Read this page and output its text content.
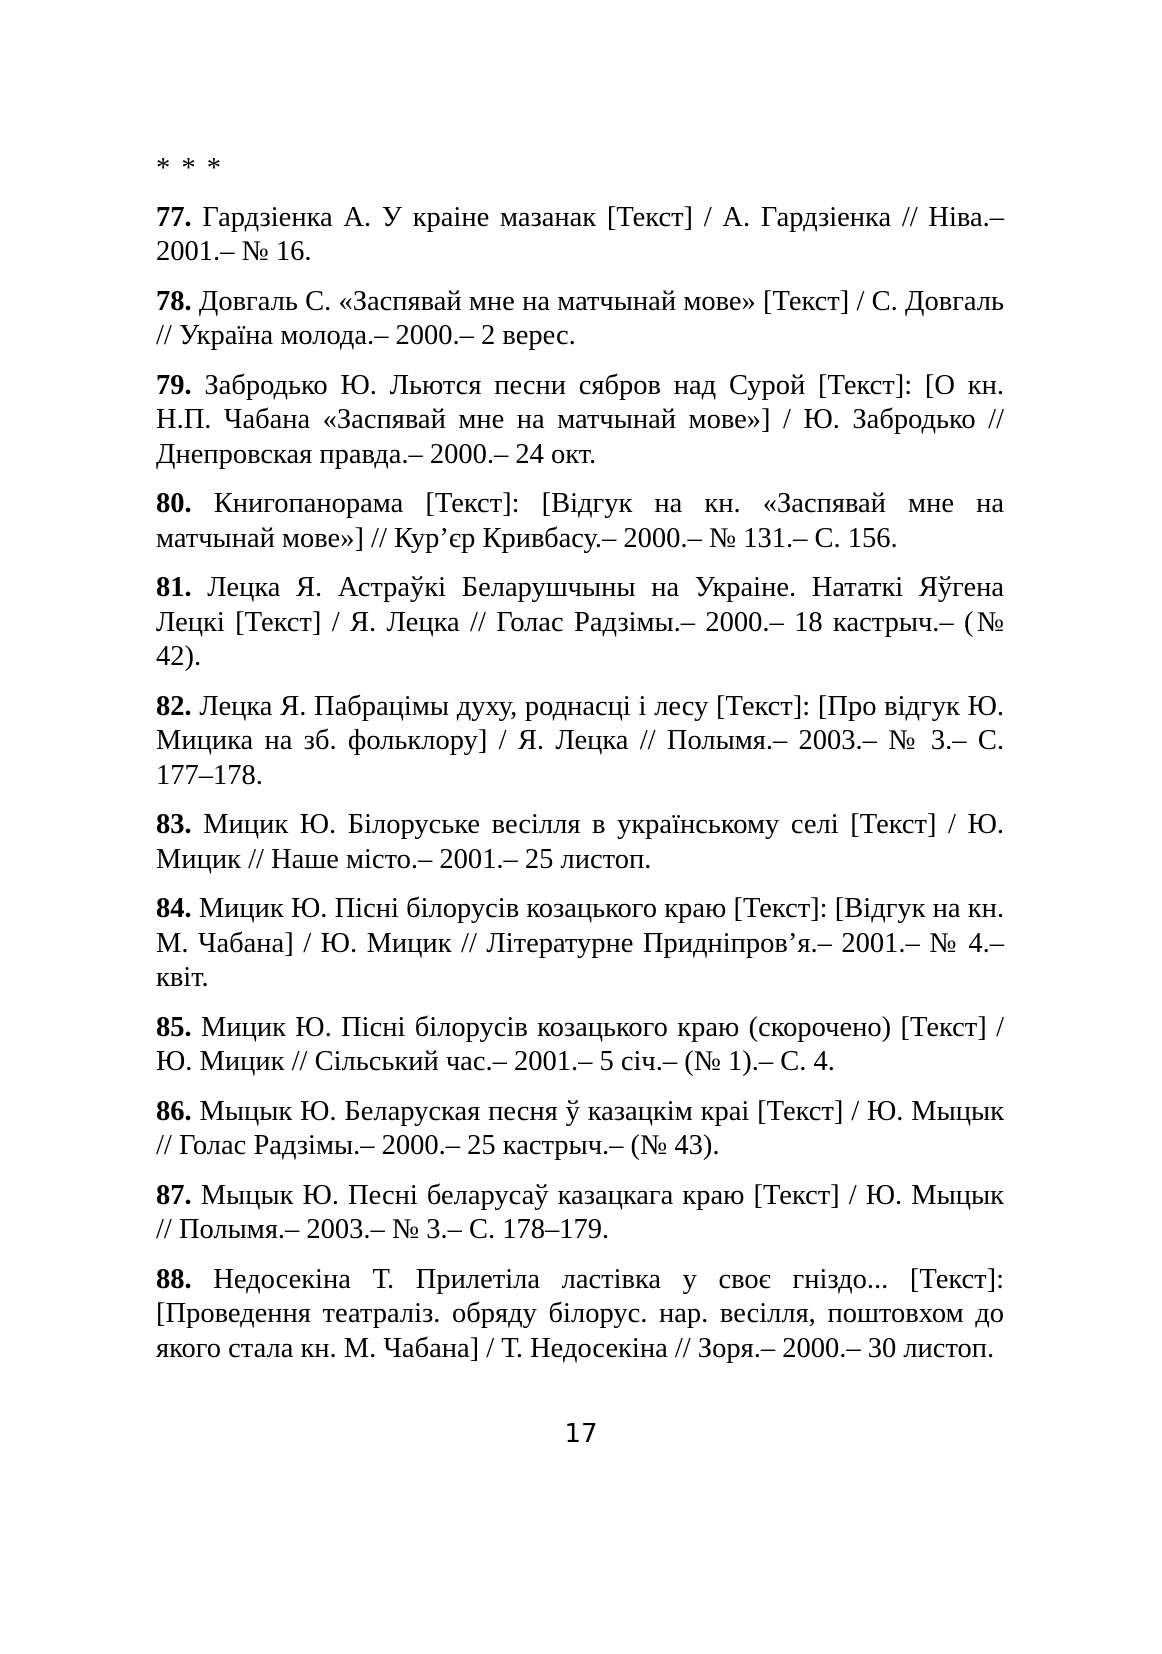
* * *

77. Гардзіенка А. У краіне мазанак [Текст] / А. Гардзіенка // Ніва.– 2001.– № 16.

78. Довгаль С. «Заспявай мне на матчынай мове» [Текст] / С. Довгаль // Україна молода.– 2000.– 2 верес.

79. Забродько Ю. Льются песни сябров над Сурой [Текст]: [О кн. Н.П. Чабана «Заспявай мне на матчынай мове»] / Ю. Забродько // Днепровская правда.– 2000.– 24 окт.

80. Книгопанорама [Текст]: [Відгук на кн. «Заспявай мне на матчынай мове»] // Кур’єр Кривбасу.– 2000.– № 131.– С. 156.

81. Лецка Я. Астраўкі Беларушчыны на Украіне. Нататкі Яўгена Лецкі [Текст] / Я. Лецка // Голас Радзімы.– 2000.– 18 кастрыч.– (№ 42).

82. Лецка Я. Пабрацімы духу, роднасці і лесу [Текст]: [Про відгук Ю. Мицика на зб. фольклору] / Я. Лецка // Полымя.– 2003.– № 3.– С. 177–178.

83. Мицик Ю. Білоруське весілля в українському селі [Текст] / Ю. Мицик // Наше місто.– 2001.– 25 листоп.

84. Мицик Ю. Пісні білорусів козацького краю [Текст]: [Відгук на кн. М. Чабана] / Ю. Мицик // Літературне Придніпров’я.– 2001.– № 4.– квіт.

85. Мицик Ю. Пісні білорусів козацького краю (скорочено) [Текст] / Ю. Мицик // Сільський час.– 2001.– 5 січ.– (№ 1).– С. 4.

86. Мыцык Ю. Беларуская песня ў казацкім краі [Текст] / Ю. Мыцык // Голас Радзімы.– 2000.– 25 кастрыч.– (№ 43).

87. Мыцык Ю. Песні беларусаў казацкага краю [Текст] / Ю. Мыцык // Полымя.– 2003.– № 3.– С. 178–179.

88. Недосекіна Т. Прилетіла ластівка у своє гніздо... [Текст]: [Проведення театраліз. обряду білорус. нар. весілля, поштовхом до якого стала кн. М. Чабана] / Т. Недосекіна // Зоря.– 2000.– 30 листоп.

17
